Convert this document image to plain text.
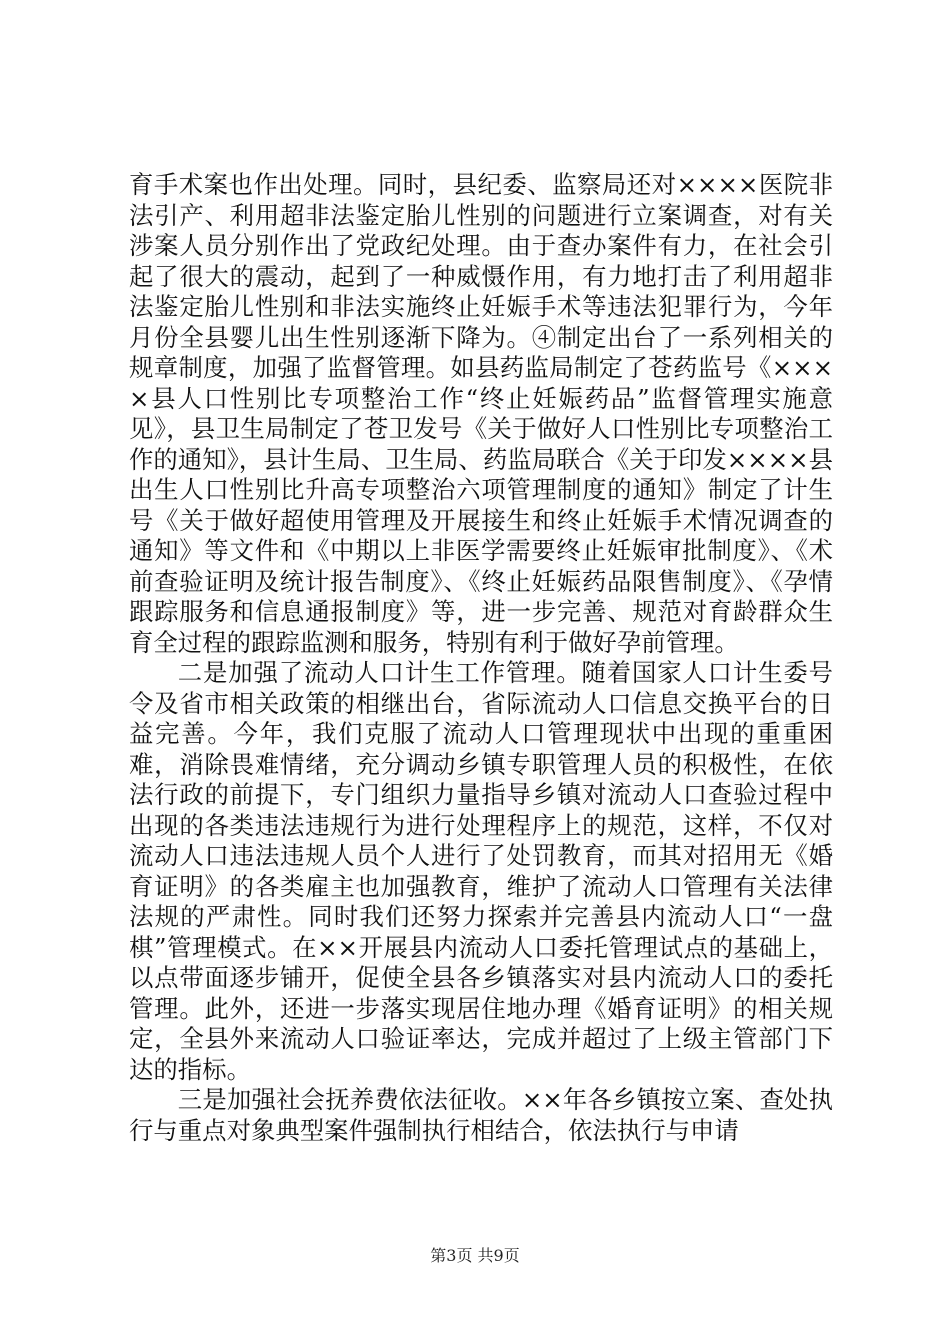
育手术案也作出处理。同时，县纪委、监察局还对××××医院非法引产、利用超非法鉴定胎儿性别的问题进行立案调查，对有关涉案人员分别作出了党政纪处理。由于查办案件有力，在社会引起了很大的震动，起到了一种威慑作用，有力地打击了利用超非法鉴定胎儿性别和非法实施终止妊娠手术等违法犯罪行为，今年月份全县婴儿出生性别逐渐下降为。④制定出台了一系列相关的规章制度，加强了监督管理。如县药监局制定了苍药监号《××××县人口性别比专项整治工作“终止妊娠药品”监督管理实施意见》，县卫生局制定了苍卫发号《关于做好人口性别比专项整治工作的通知》，县计生局、卫生局、药监局联合《关于印发××××县出生人口性别比升高专项整治六项管理制度的通知》制定了计生号《关于做好超使用管理及开展接生和终止妊娠手术情况调查的通知》等文件和《中期以上非医学需要终止妊娠审批制度》、《术前查验证明及统计报告制度》、《终止妊娠药品限售制度》、《孕情跟踪服务和信息通报制度》等，进一步完善、规范对育龄群众生育全过程的跟踪监测和服务，特别有利于做好孕前管理。

二是加强了流动人口计生工作管理。随着国家人口计生委号令及省市相关政策的相继出台，省际流动人口信息交换平台的日益完善。今年，我们克服了流动人口管理现状中出现的重重困难，消除畏难情绪，充分调动乡镇专职管理人员的积极性，在依法行政的前提下，专门组织力量指导乡镇对流动人口查验过程中出现的各类违法违规行为进行处理程序上的规范，这样，不仅对流动人口违法违规人员个人进行了处罚教育，而其对招用无《婚育证明》的各类雇主也加强教育，维护了流动人口管理有关法律法规的严肃性。同时我们还努力探索并完善县内流动人口“一盘棋”管理模式。在××开展县内流动人口委托管理试点的基础上，以点带面逐步铺开，促使全县各乡镇落实对县内流动人口的委托管理。此外，还进一步落实现居住地办理《婚育证明》的相关规定，全县外来流动人口验证率达，完成并超过了上级主管部门下达的指标。

三是加强社会抚养费依法征收。××年各乡镇按立案、查处执行与重点对象典型案件强制执行相结合，依法执行与申请

第3页 共9页
